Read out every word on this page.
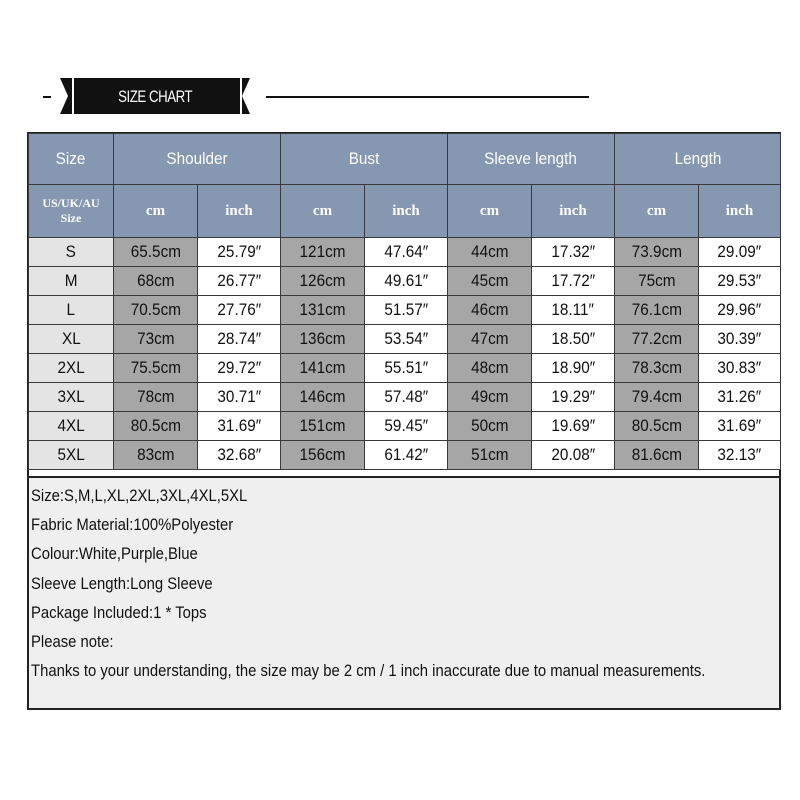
SIZE CHART
Size	Shoulder		Bust		Sleeve length		Length	
US/UK/AU
Size	cm	inch	cm	inch	cm	inch	cm	inch
S	65.5cm	25.79″	121cm	47.64″	44cm	17.32″	73.9cm	29.09″
M	68cm	26.77″	126cm	49.61″	45cm	17.72″	75cm	29.53″
L	70.5cm	27.76″	131cm	51.57″	46cm	18.11″	76.1cm	29.96″
XL	73cm	28.74″	136cm	53.54″	47cm	18.50″	77.2cm	30.39″
2XL	75.5cm	29.72″	141cm	55.51″	48cm	18.90″	78.3cm	30.83″
3XL	78cm	30.71″	146cm	57.48″	49cm	19.29″	79.4cm	31.26″
4XL	80.5cm	31.69″	151cm	59.45″	50cm	19.69″	80.5cm	31.69″
5XL	83cm	32.68″	156cm	61.42″	51cm	20.08″	81.6cm	32.13″
Size:S,M,L,XL,2XL,3XL,4XL,5XL
Fabric Material:100%Polyester
Colour:White,Purple,Blue
Sleeve Length:Long Sleeve
Package Included:1 * Tops
Please note:
Thanks to your understanding, the size may be 2 cm / 1 inch inaccurate due to manual measurements.
